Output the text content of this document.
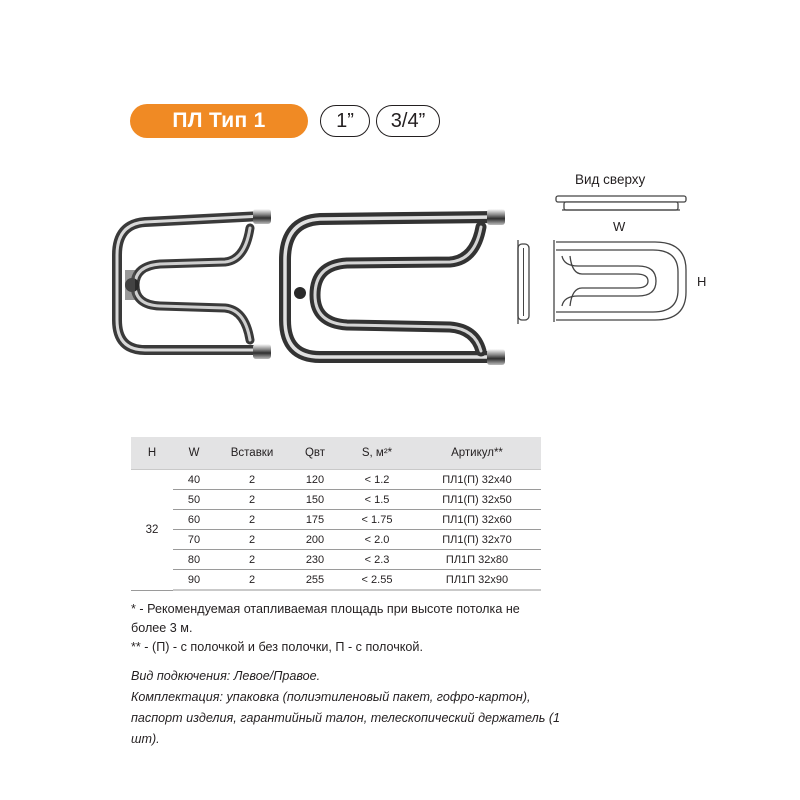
ПЛ Тип 1	1”	3/4”
Вид сверху
W
H
H	W	Вставки	Qвт	S, м²*	Артикул**
32	40	2	120	< 1.2	ПЛ1(П) 32х40
	50	2	150	< 1.5	ПЛ1(П) 32х50
	60	2	175	< 1.75	ПЛ1(П) 32х60
	70	2	200	< 2.0	ПЛ1(П) 32х70
	80	2	230	< 2.3	ПЛ1П 32х80
	90	2	255	< 2.55	ПЛ1П 32х90

* - Рекомендуемая отапливаемая площадь при высоте потолка не более 3 м.

** - (П) - с полочкой и без полочки, П - с полочкой.

Вид подкючения: Левое/Правое.

Комплектация: упаковка (полиэтиленовый пакет, гофро-картон), паспорт изделия, гарантийный талон, телескопический держатель (1 шт).
